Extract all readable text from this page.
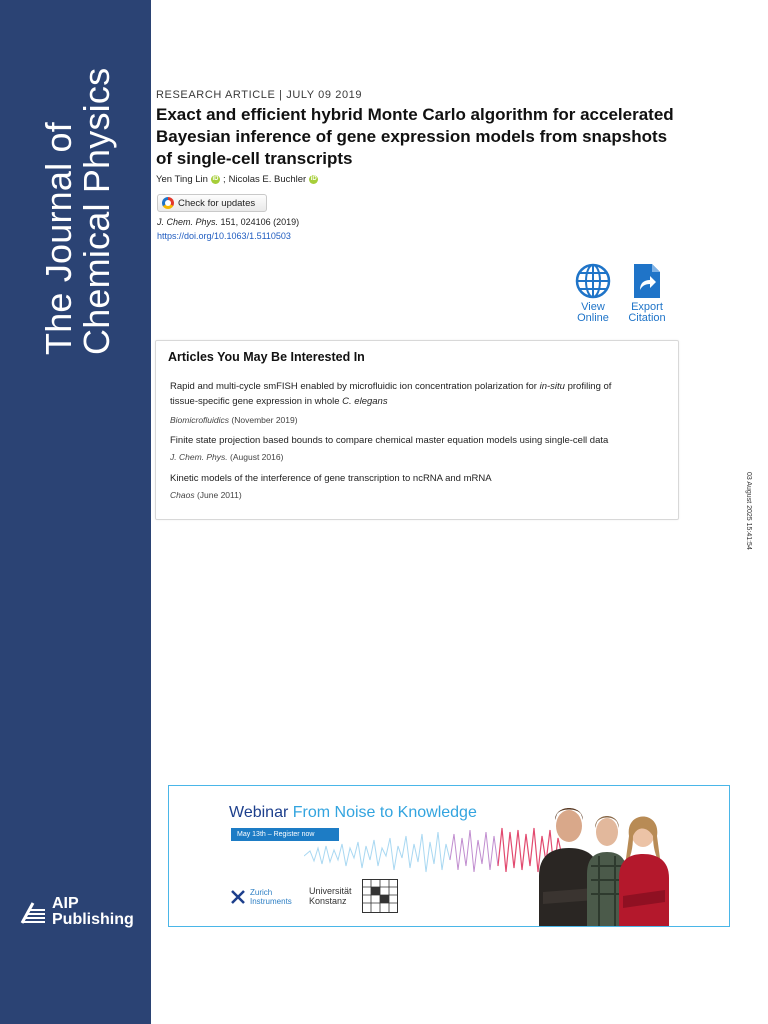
The Journal of
Chemical Physics
AIP
Publishing
RESEARCH ARTICLE | JULY 09 2019
Exact and efficient hybrid Monte Carlo algorithm for accelerated Bayesian inference of gene expression models from snapshots of single-cell transcripts
Yen Ting Lin iD ; Nicolas E. Buchler iD
Check for updates
J. Chem. Phys. 151, 024106 (2019)
https://doi.org/10.1063/1.5110503
View
Online
Export
Citation
Articles You May Be Interested In
Rapid and multi-cycle smFISH enabled by microfluidic ion concentration polarization for in-situ profiling of
tissue-specific gene expression in whole C. elegans
Biomicrofluidics (November 2019)
Finite state projection based bounds to compare chemical master equation models using single-cell data
J. Chem. Phys. (August 2016)
Kinetic models of the interference of gene transcription to ncRNA and mRNA
Chaos (June 2011)	03 August 2025 15:41:54
Webinar From Noise to Knowledge
May 13th – Register now
Zurich
Instruments
Universität
Konstanz
